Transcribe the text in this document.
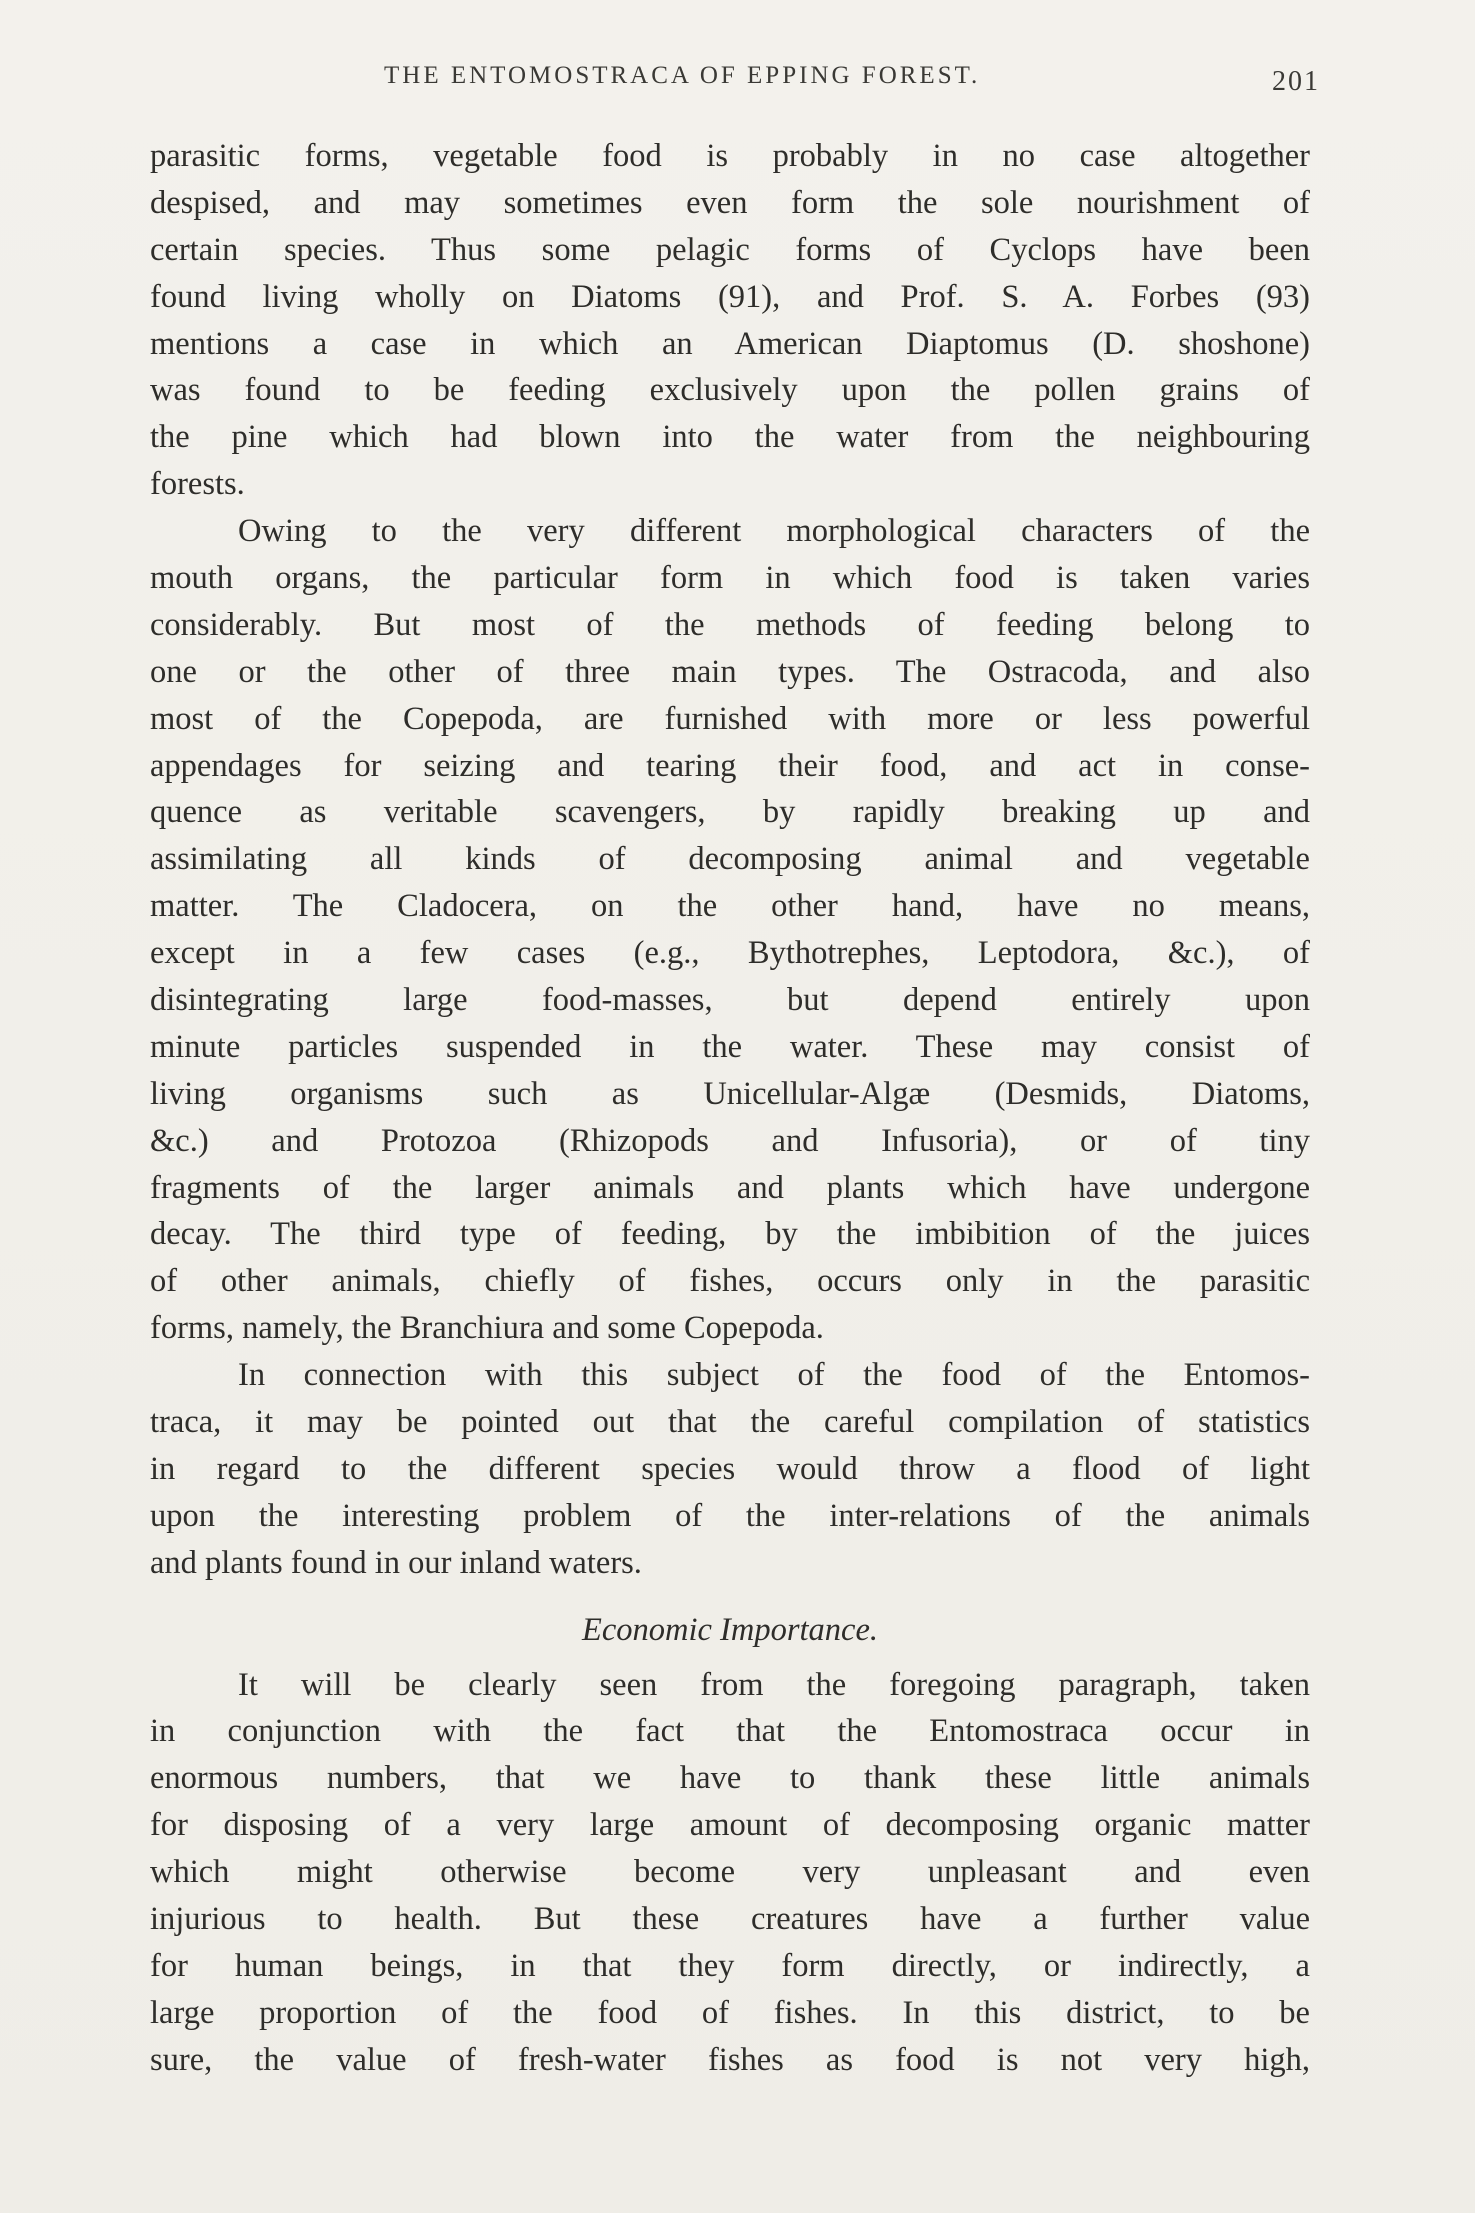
THE ENTOMOSTRACA OF EPPING FOREST.	201
parasitic forms, vegetable food is probably in no case altogether
despised, and may sometimes even form the sole nourishment of
certain species. Thus some pelagic forms of Cyclops have been
found living wholly on Diatoms (91), and Prof. S. A. Forbes (93)
mentions a case in which an American Diaptomus (D. shoshone)
was found to be feeding exclusively upon the pollen grains of
the pine which had blown into the water from the neighbouring
forests.
Owing to the very different morphological characters of the
mouth organs, the particular form in which food is taken varies
considerably. But most of the methods of feeding belong to
one or the other of three main types. The Ostracoda, and also
most of the Copepoda, are furnished with more or less powerful
appendages for seizing and tearing their food, and act in conse-
quence as veritable scavengers, by rapidly breaking up and
assimilating all kinds of decomposing animal and vegetable
matter. The Cladocera, on the other hand, have no means,
except in a few cases (e.g., Bythotrephes, Leptodora, &c.), of
disintegrating large food-masses, but depend entirely upon
minute particles suspended in the water. These may consist of
living organisms such as Unicellular-Algæ (Desmids, Diatoms,
&c.) and Protozoa (Rhizopods and Infusoria), or of tiny
fragments of the larger animals and plants which have undergone
decay. The third type of feeding, by the imbibition of the juices
of other animals, chiefly of fishes, occurs only in the parasitic
forms, namely, the Branchiura and some Copepoda.
In connection with this subject of the food of the Entomos-
traca, it may be pointed out that the careful compilation of statistics
in regard to the different species would throw a flood of light
upon the interesting problem of the inter-relations of the animals
and plants found in our inland waters.
Economic Importance.
It will be clearly seen from the foregoing paragraph, taken
in conjunction with the fact that the Entomostraca occur in
enormous numbers, that we have to thank these little animals
for disposing of a very large amount of decomposing organic matter
which might otherwise become very unpleasant and even
injurious to health. But these creatures have a further value
for human beings, in that they form directly, or indirectly, a
large proportion of the food of fishes. In this district, to be
sure, the value of fresh-water fishes as food is not very high,
